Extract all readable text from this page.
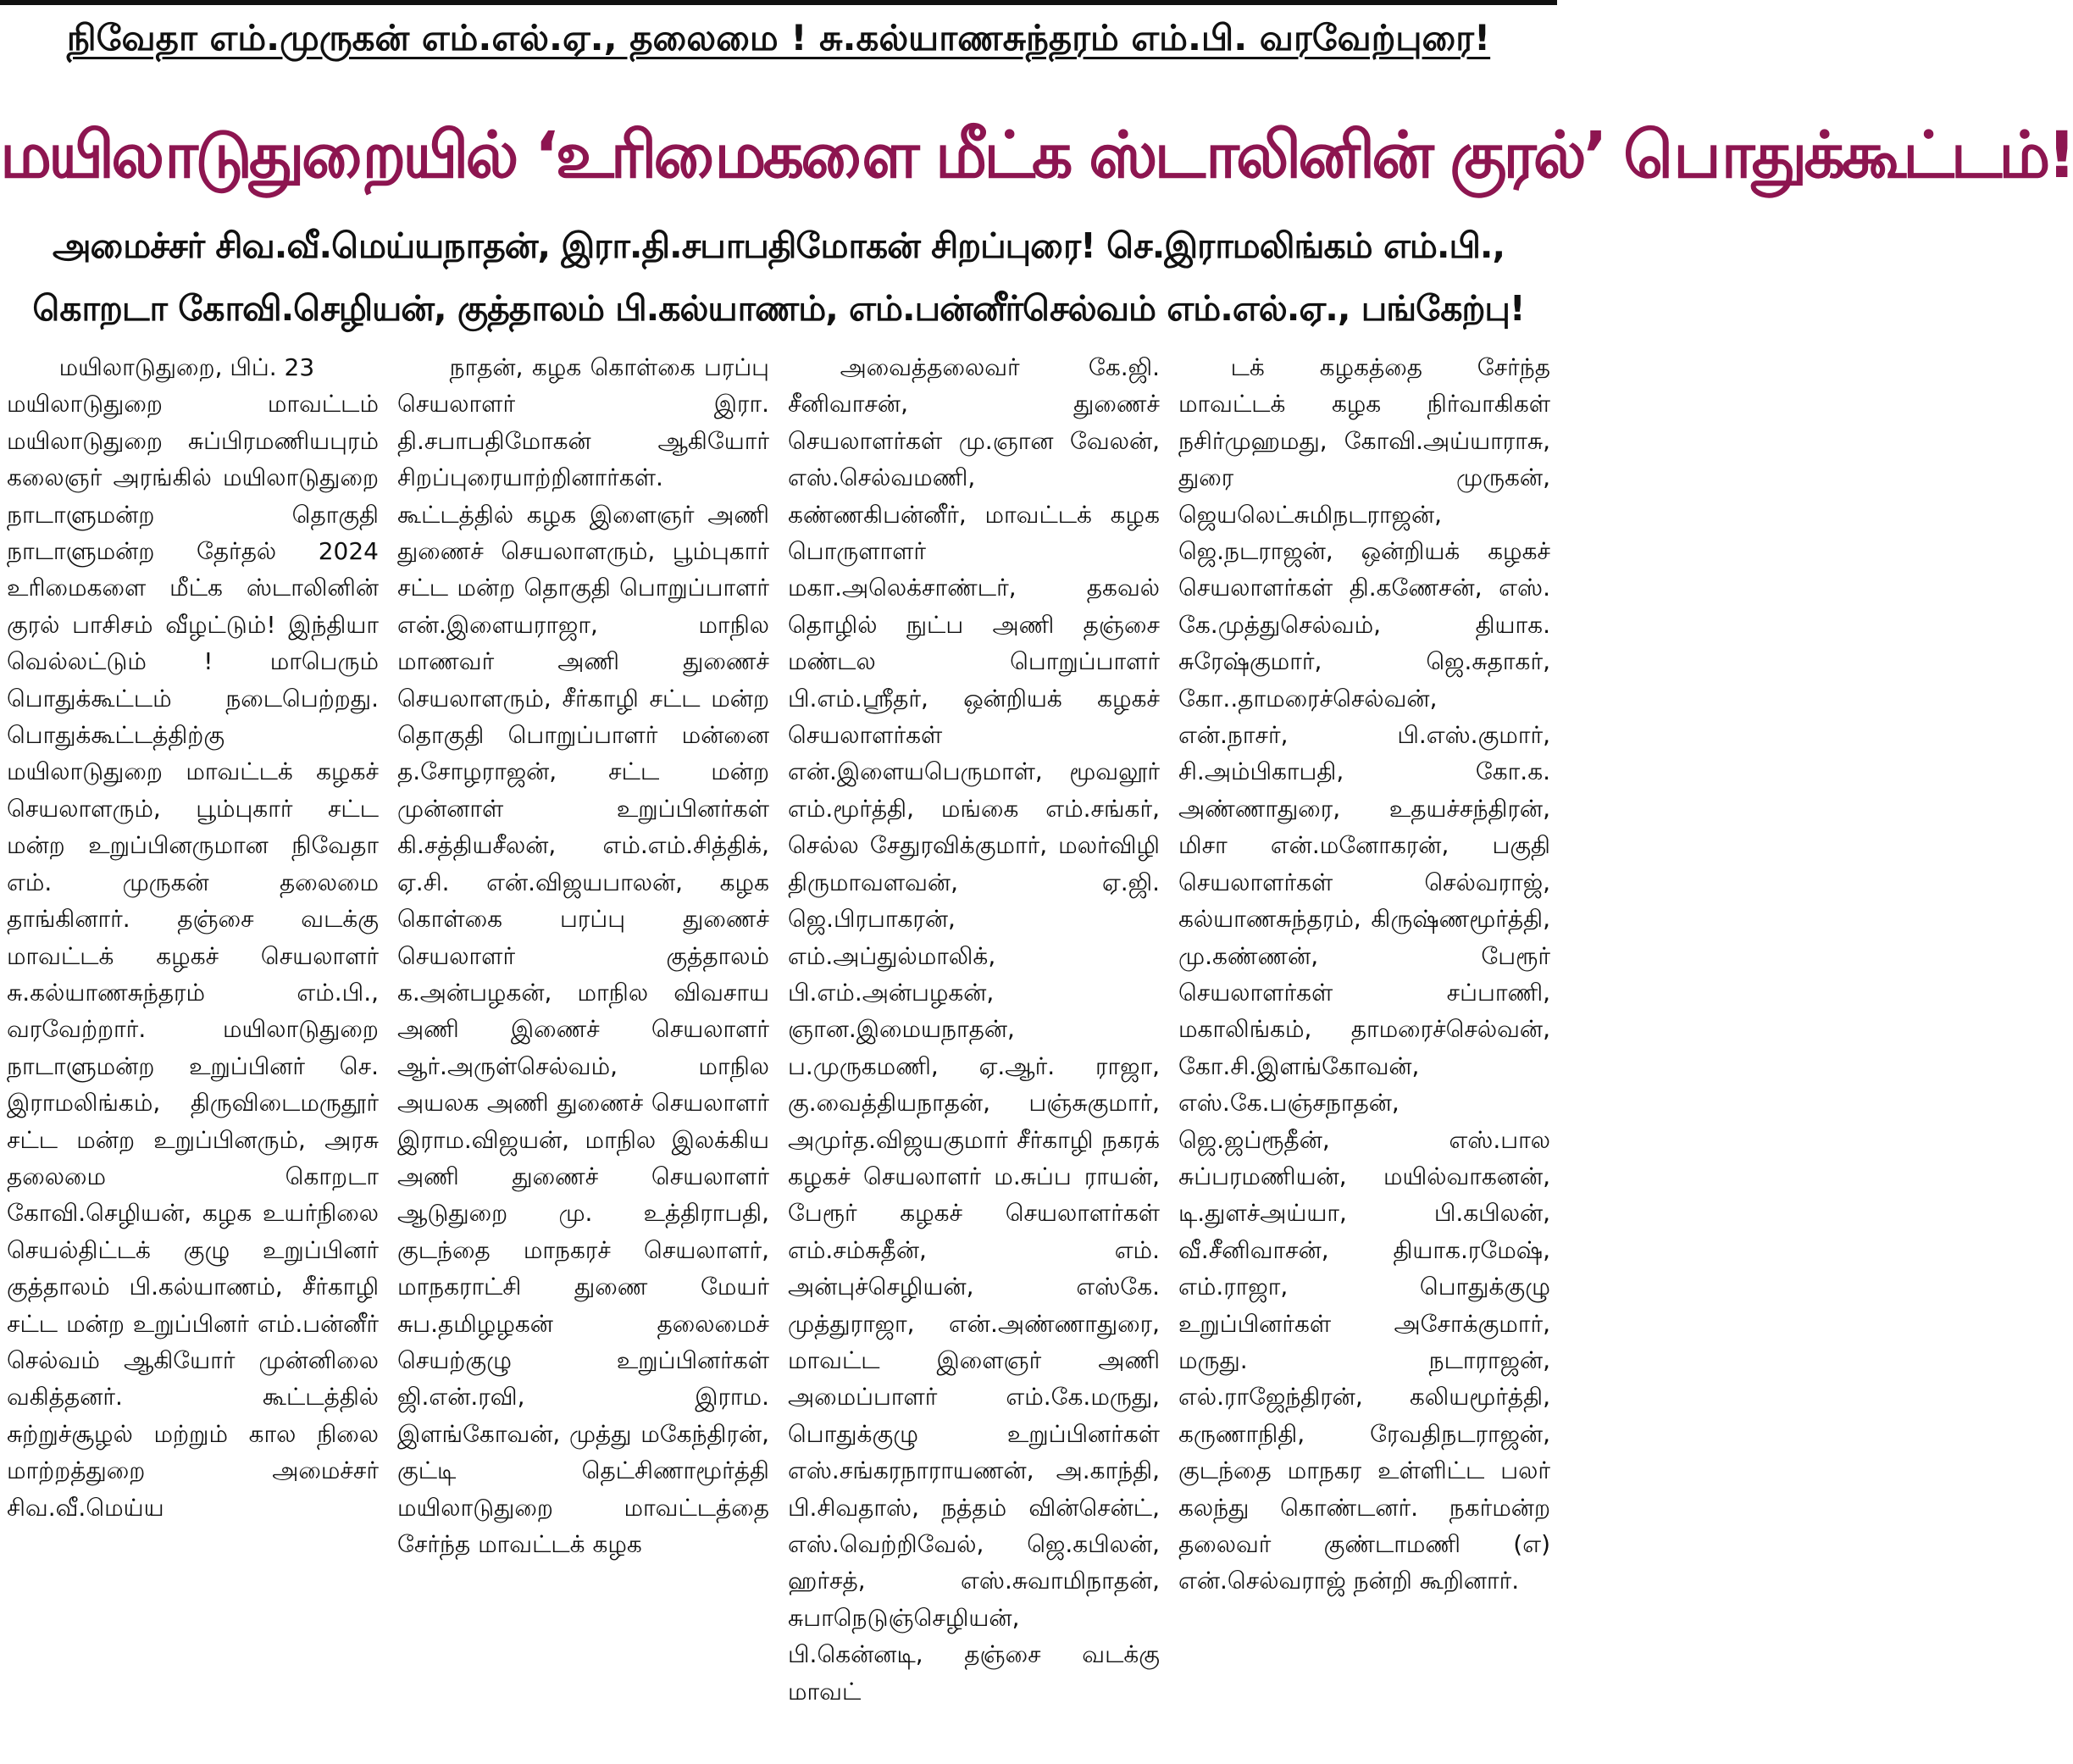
நிவேதா எம்.முருகன் எம்.எல்.ஏ., தலைமை ! சு.கல்யாணசுந்தரம் எம்.பி. வரவேற்புரை!
மயிலாடுதுறையில் ‘உரிமைகளை மீட்க ஸ்டாலினின் குரல்’ பொதுக்கூட்டம்!
அமைச்சர் சிவ.வீ.மெய்யநாதன், இரா.தி.சபாபதிமோகன் சிறப்புரை! செ.இராமலிங்கம் எம்.பி.,
கொறடா கோவி.செழியன், குத்தாலம் பி.கல்யாணம், எம்.பன்னீர்செல்வம் எம்.எல்.ஏ., பங்கேற்பு!
மயிலாடுதுறை, பிப். 23
மயிலாடுதுறை மாவட்டம் மயிலாடுதுறை சுப்பிரமணியபுரம் கலைஞர் அரங்கில் மயிலாடுதுறை நாடாளுமன்ற தொகுதி நாடாளுமன்ற தேர்தல் 2024 உரிமைகளை மீட்க ஸ்டாலினின் குரல் பாசிசம் வீழட்டும்! இந்தியா வெல்லட்டும் ! மாபெரும் பொதுக்கூட்டம் நடைபெற்றது. பொதுக்கூட்டத்திற்கு மயிலாடுதுறை மாவட்டக் கழகச் செயலாளரும், பூம்புகார் சட்ட மன்ற உறுப்பினருமான நிவேதா எம். முருகன் தலைமை தாங்கினார். தஞ்சை வடக்கு மாவட்டக் கழகச் செயலாளர் சு.கல்யாணசுந்தரம் எம்.பி., வரவேற்றார். மயிலாடுதுறை நாடாளுமன்ற உறுப்பினர் செ. இராமலிங்கம், திருவிடைமருதூர் சட்ட மன்ற உறுப்பினரும், அரசு தலைமை கொறடா கோவி.செழியன், கழக உயர்நிலை செயல்திட்டக் குழு உறுப்பினர் குத்தாலம் பி.கல்யாணம், சீர்காழி சட்ட மன்ற உறுப்பினர் எம்.பன்னீர் செல்வம் ஆகியோர் முன்னிலை வகித்தனர். கூட்டத்தில் சுற்றுச்சூழல் மற்றும் கால நிலை மாற்றத்துறை அமைச்சர் சிவ.வீ.மெய்ய
நாதன், கழக கொள்கை பரப்பு செயலாளர் இரா. தி.சபாபதிமோகன் ஆகியோர் சிறப்புரையாற்றினார்கள். கூட்டத்தில் கழக இளைஞர் அணி துணைச் செயலாளரும், பூம்புகார் சட்ட மன்ற தொகுதி பொறுப்பாளர் என்.இளையராஜா, மாநில மாணவர் அணி துணைச் செயலாளரும், சீர்காழி சட்ட மன்ற தொகுதி பொறுப்பாளர் மன்னை த.சோழராஜன், சட்ட மன்ற முன்னாள் உறுப்பினர்கள் கி.சத்தியசீலன், எம்.எம்.சித்திக், ஏ.சி. என்.விஜயபாலன், கழக கொள்கை பரப்பு துணைச் செயலாளர் குத்தாலம் க.அன்பழகன், மாநில விவசாய அணி இணைச் செயலாளர் ஆர்.அருள்செல்வம், மாநில அயலக அணி துணைச் செயலாளர் இராம.விஜயன், மாநில இலக்கிய அணி துணைச் செயலாளர் ஆடுதுறை மு. உத்திராபதி, குடந்தை மாநகரச் செயலாளர், மாநகராட்சி துணை மேயர் சுப.தமிழழகன் தலைமைச் செயற்குழு உறுப்பினர்கள் ஜி.என்.ரவி, இராம. இளங்கோவன், முத்து மகேந்திரன், குட்டி தெட்சிணாமூர்த்தி மயிலாடுதுறை மாவட்டத்தை சேர்ந்த மாவட்டக் கழக
அவைத்தலைவர் கே.ஜி. சீனிவாசன், துணைச் செயலாளர்கள் மு.ஞான வேலன், எஸ்.செல்வமணி, கண்ணகிபன்னீர், மாவட்டக் கழக பொருளாளர் மகா.அலெக்சாண்டர், தகவல் தொழில் நுட்ப அணி தஞ்சை மண்டல பொறுப்பாளர் பி.எம்.ஸ்ரீதர், ஒன்றியக் கழகச் செயலாளர்கள் என்.இளையபெருமாள், மூவலூர் எம்.மூர்த்தி, மங்கை எம்.சங்கர், செல்ல சேதுரவிக்குமார், மலர்விழி திருமாவளவன், ஏ.ஜி. ஜெ.பிரபாகரன், எம்.அப்துல்மாலிக், பி.எம்.அன்பழகன், ஞான.இமையநாதன், ப.முருகமணி, ஏ.ஆர். ராஜா, கு.வைத்தியநாதன், பஞ்சுகுமார், அமுர்த.விஜயகுமார் சீர்காழி நகரக் கழகச் செயலாளர் ம.சுப்ப ராயன், பேரூர் கழகச் செயலாளர்கள் எம்.சம்சுதீன், எம். அன்புச்செழியன், எஸ்கே. முத்துராஜா, என்.அண்ணாதுரை, மாவட்ட இளைஞர் அணி அமைப்பாளர் எம்.கே.மருது, பொதுக்குழு உறுப்பினர்கள் எஸ்.சங்கரநாராயணன், அ.காந்தி, பி.சிவதாஸ், நத்தம் வின்சென்ட், எஸ்.வெற்றிவேல், ஜெ.கபிலன், ஹர்சத், எஸ்.சுவாமிநாதன், சுபாநெடுஞ்செழியன், பி.கென்னடி, தஞ்சை வடக்கு மாவட்
டக் கழகத்தை சேர்ந்த மாவட்டக் கழக நிர்வாகிகள் நசிர்முஹமது, கோவி.அய்யாராசு, துரை முருகன், ஜெயலெட்சுமிநடராஜன், ஜெ.நடராஜன், ஒன்றியக் கழகச் செயலாளர்கள் தி.கணேசன், எஸ். கே.முத்துசெல்வம், தியாக. சுரேஷ்குமார், ஜெ.சுதாகர், கோ..தாமரைச்செல்வன், என்.நாசர், பி.எஸ்.குமார், சி.அம்பிகாபதி, கோ.க. அண்ணாதுரை, உதயச்சந்திரன், மிசா என்.மனோகரன், பகுதி செயலாளர்கள் செல்வராஜ், கல்யாணசுந்தரம், கிருஷ்ணமூர்த்தி, மு.கண்ணன், பேரூர் செயலாளர்கள் சப்பாணி, மகாலிங்கம், தாமரைச்செல்வன், கோ.சி.இளங்கோவன், எஸ்.கே.பஞ்சநாதன், ஜெ.ஜப்ரூதீன், எஸ்.பால சுப்பரமணியன், மயில்வாகனன், டி.துளச்அய்யா, பி.கபிலன், வீ.சீனிவாசன், தியாக.ரமேஷ், எம்.ராஜா, பொதுக்குழு உறுப்பினர்கள் அசோக்குமார், மருது. நடாராஜன், எல்.ராஜேந்திரன், கலியமூர்த்தி, கருணாநிதி, ரேவதிநடராஜன், குடந்தை மாநகர உள்ளிட்ட பலர் கலந்து கொண்டனர். நகர்மன்ற தலைவர் குண்டாமணி (எ) என்.செல்வராஜ் நன்றி கூறினார்.
